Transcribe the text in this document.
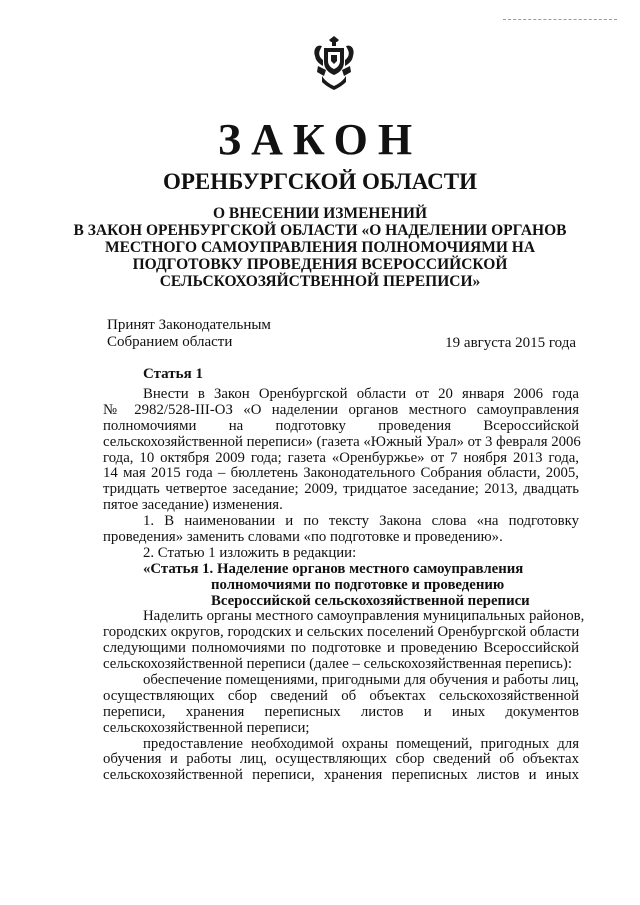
ЗАКОН
ОРЕНБУРГСКОЙ ОБЛАСТИ
О ВНЕСЕНИИ ИЗМЕНЕНИЙ
В ЗАКОН ОРЕНБУРГСКОЙ ОБЛАСТИ «О НАДЕЛЕНИИ ОРГАНОВ
МЕСТНОГО САМОУПРАВЛЕНИЯ ПОЛНОМОЧИЯМИ НА
ПОДГОТОВКУ ПРОВЕДЕНИЯ ВСЕРОССИЙСКОЙ
СЕЛЬСКОХОЗЯЙСТВЕННОЙ ПЕРЕПИСИ»
Принят Законодательным
Собранием области	19 августа 2015 года
Статья 1
Внести в Закон Оренбургской области от 20 января 2006 года
№ 2982/528-III-ОЗ «О наделении органов местного самоуправления
полномочиями на подготовку проведения Всероссийской
сельскохозяйственной переписи» (газета «Южный Урал» от 3 февраля 2006
года, 10 октября 2009 года; газета «Оренбуржье» от 7 ноября 2013 года,
14 мая 2015 года – бюллетень Законодательного Собрания области, 2005,
тридцать четвертое заседание; 2009, тридцатое заседание; 2013, двадцать
пятое заседание) изменения.
1. В наименовании и по тексту Закона слова «на подготовку
проведения» заменить словами «по подготовке и проведению».
2. Статью 1 изложить в редакции:
«Статья 1. Наделение органов местного самоуправления
полномочиями по подготовке и проведению
Всероссийской сельскохозяйственной переписи
Наделить органы местного самоуправления муниципальных районов,
городских округов, городских и сельских поселений Оренбургской области
следующими полномочиями по подготовке и проведению Всероссийской
сельскохозяйственной переписи (далее – сельскохозяйственная перепись):
обеспечение помещениями, пригодными для обучения и работы лиц,
осуществляющих сбор сведений об объектах сельскохозяйственной
переписи, хранения переписных листов и иных документов
сельскохозяйственной переписи;
предоставление необходимой охраны помещений, пригодных для
обучения и работы лиц, осуществляющих сбор сведений об объектах
сельскохозяйственной переписи, хранения переписных листов и иных
